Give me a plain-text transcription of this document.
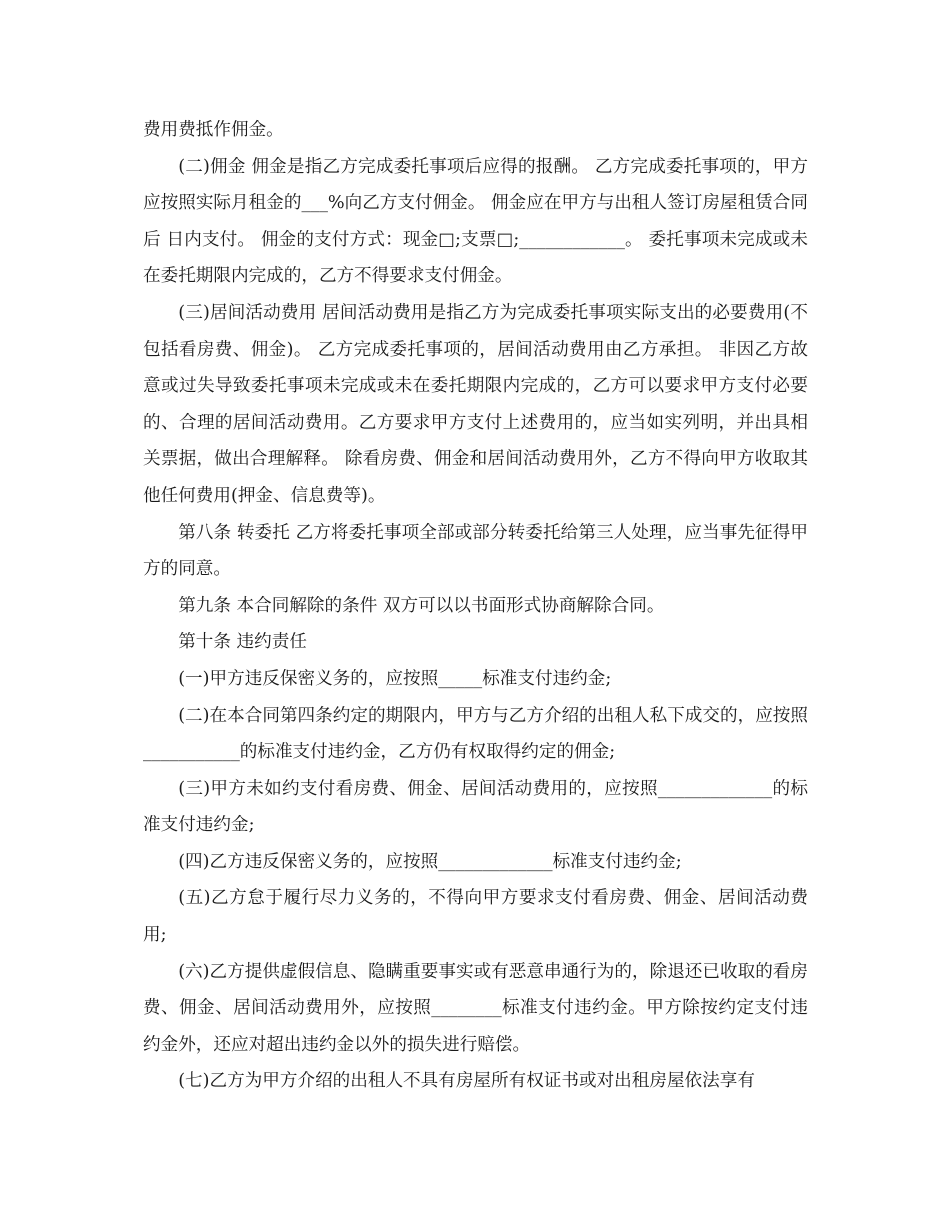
费用费抵作佣金。

(二)佣金 佣金是指乙方完成委托事项后应得的报酬。 乙方完成委托事项的，甲方应按照实际月租金的___%向乙方支付佣金。 佣金应在甲方与出租人签订房屋租赁合同后 日内支付。 佣金的支付方式：现金□;支票□;____________。 委托事项未完成或未在委托期限内完成的，乙方不得要求支付佣金。

(三)居间活动费用 居间活动费用是指乙方为完成委托事项实际支出的必要费用(不包括看房费、佣金)。 乙方完成委托事项的，居间活动费用由乙方承担。 非因乙方故意或过失导致委托事项未完成或未在委托期限内完成的，乙方可以要求甲方支付必要的、合理的居间活动费用。乙方要求甲方支付上述费用的，应当如实列明，并出具相关票据，做出合理解释。 除看房费、佣金和居间活动费用外，乙方不得向甲方收取其他任何费用(押金、信息费等)。

第八条 转委托 乙方将委托事项全部或部分转委托给第三人处理，应当事先征得甲方的同意。

第九条 本合同解除的条件 双方可以以书面形式协商解除合同。

第十条 违约责任

(一)甲方违反保密义务的，应按照_____标准支付违约金;

(二)在本合同第四条约定的期限内，甲方与乙方介绍的出租人私下成交的，应按照___________的标准支付违约金，乙方仍有权取得约定的佣金;

(三)甲方未如约支付看房费、佣金、居间活动费用的，应按照_____________的标准支付违约金;

(四)乙方违反保密义务的，应按照_____________标准支付违约金;

(五)乙方怠于履行尽力义务的，不得向甲方要求支付看房费、佣金、居间活动费用;

(六)乙方提供虚假信息、隐瞒重要事实或有恶意串通行为的，除退还已收取的看房费、佣金、居间活动费用外，应按照________标准支付违约金。甲方除按约定支付违约金外，还应对超出违约金以外的损失进行赔偿。

(七)乙方为甲方介绍的出租人不具有房屋所有权证书或对出租房屋依法享有
